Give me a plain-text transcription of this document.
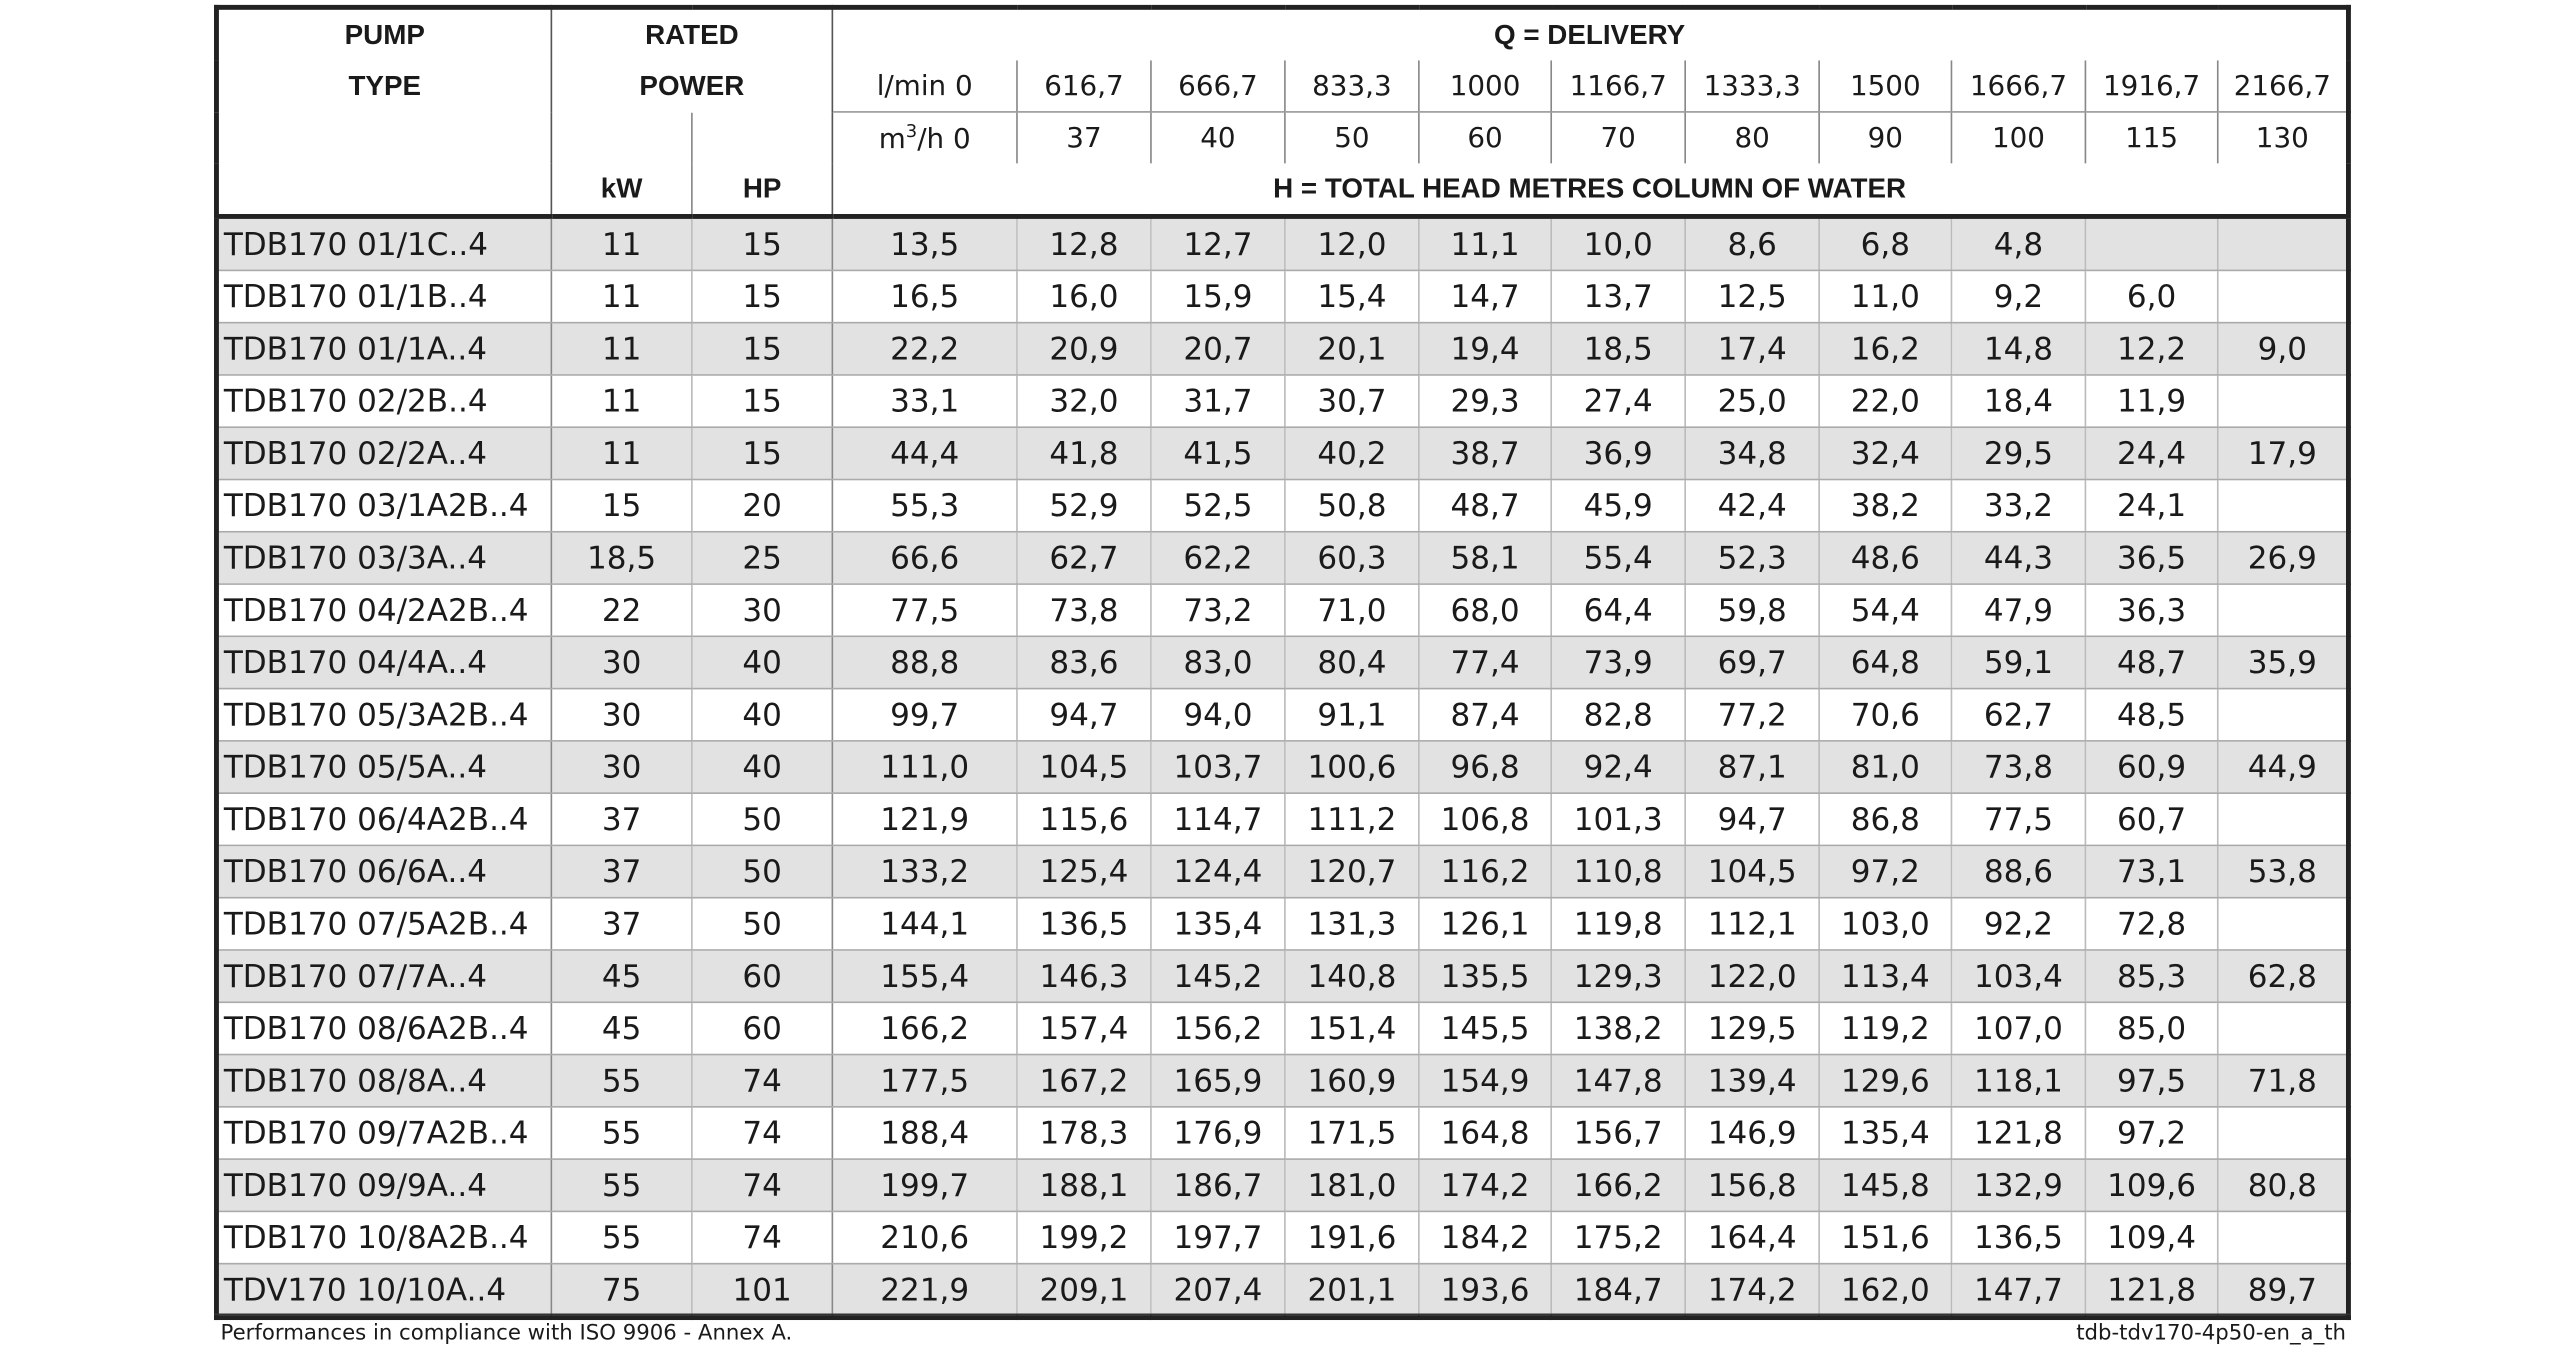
PUMP	RATED		Q = DELIVERY										
TYPE	POWER		l/min 0	616,7	666,7	833,3	1000	1166,7	1333,3	1500	1666,7	1916,7	2166,7
			$m^3/h$ 0	37	40	50	60	70	80	90	100	115	130
	kW	HP	H = TOTAL HEAD METRES COLUMN OF WATER										
TDB170 01/1C..4	11	15	13,5	12,8	12,7	12,0	11,1	10,0	8,6	6,8	4,8		
TDB170 01/1B..4	11	15	16,5	16,0	15,9	15,4	14,7	13,7	12,5	11,0	9,2	6,0	
TDB170 01/1A..4	11	15	22,2	20,9	20,7	20,1	19,4	18,5	17,4	16,2	14,8	12,2	9,0
TDB170 02/2B..4	11	15	33,1	32,0	31,7	30,7	29,3	27,4	25,0	22,0	18,4	11,9	
TDB170 02/2A..4	11	15	44,4	41,8	41,5	40,2	38,7	36,9	34,8	32,4	29,5	24,4	17,9
TDB170 03/1A2B..4	15	20	55,3	52,9	52,5	50,8	48,7	45,9	42,4	38,2	33,2	24,1	
TDB170 03/3A..4	18,5	25	66,6	62,7	62,2	60,3	58,1	55,4	52,3	48,6	44,3	36,5	26,9
TDB170 04/2A2B..4	22	30	77,5	73,8	73,2	71,0	68,0	64,4	59,8	54,4	47,9	36,3	
TDB170 04/4A..4	30	40	88,8	83,6	83,0	80,4	77,4	73,9	69,7	64,8	59,1	48,7	35,9
TDB170 05/3A2B..4	30	40	99,7	94,7	94,0	91,1	87,4	82,8	77,2	70,6	62,7	48,5	
TDB170 05/5A..4	30	40	111,0	104,5	103,7	100,6	96,8	92,4	87,1	81,0	73,8	60,9	44,9
TDB170 06/4A2B..4	37	50	121,9	115,6	114,7	111,2	106,8	101,3	94,7	86,8	77,5	60,7	
TDB170 06/6A..4	37	50	133,2	125,4	124,4	120,7	116,2	110,8	104,5	97,2	88,6	73,1	53,8
TDB170 07/5A2B..4	37	50	144,1	136,5	135,4	131,3	126,1	119,8	112,1	103,0	92,2	72,8	
TDB170 07/7A..4	45	60	155,4	146,3	145,2	140,8	135,5	129,3	122,0	113,4	103,4	85,3	62,8
TDB170 08/6A2B..4	45	60	166,2	157,4	156,2	151,4	145,5	138,2	129,5	119,2	107,0	85,0	
TDB170 08/8A..4	55	74	177,5	167,2	165,9	160,9	154,9	147,8	139,4	129,6	118,1	97,5	71,8
TDB170 09/7A2B..4	55	74	188,4	178,3	176,9	171,5	164,8	156,7	146,9	135,4	121,8	97,2	
TDB170 09/9A..4	55	74	199,7	188,1	186,7	181,0	174,2	166,2	156,8	145,8	132,9	109,6	80,8
TDB170 10/8A2B..4	55	74	210,6	199,2	197,7	191,6	184,2	175,2	164,4	151,6	136,5	109,4	
TDV170 10/10A..4	75	101	221,9	209,1	207,4	201,1	193,6	184,7	174,2	162,0	147,7	121,8	89,7
Performances in compliance with ISO 9906 - Annex A.	tdb-tdv170-4p50-en_a_th
